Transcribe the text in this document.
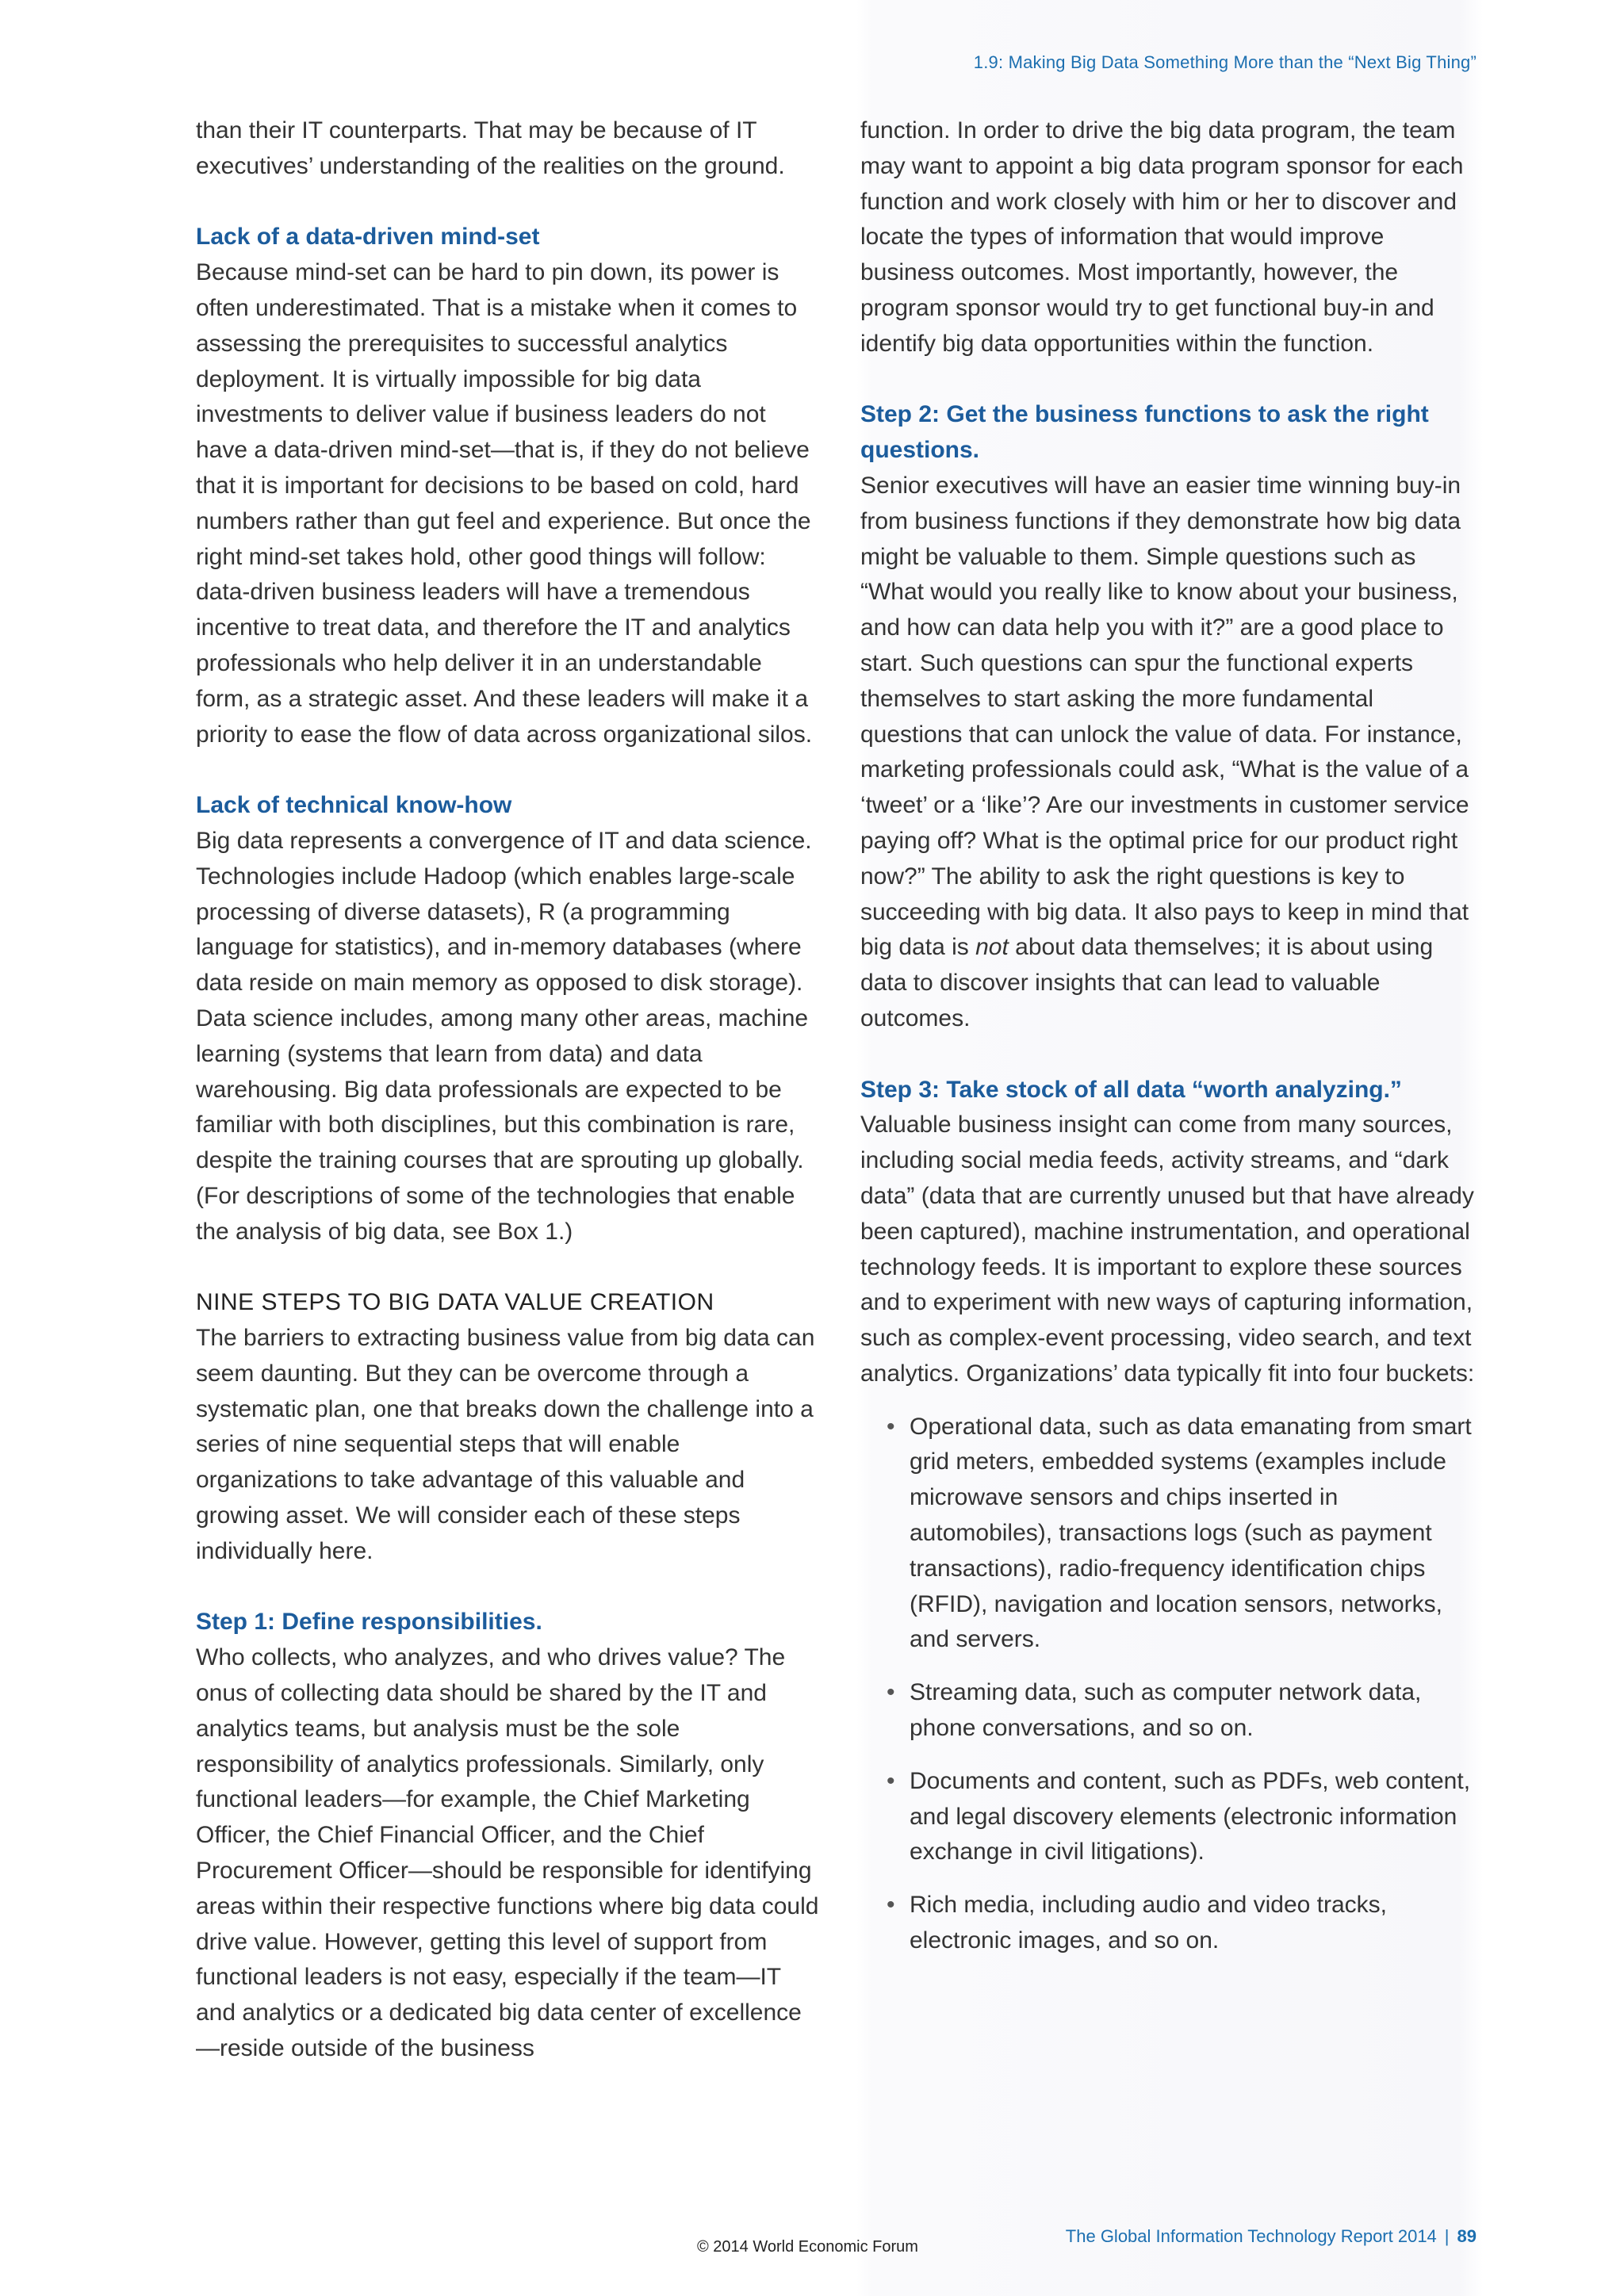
1.9: Making Big Data Something More than the “Next Big Thing”

than their IT counterparts. That may be because of IT executives’ understanding of the realities on the ground.

Lack of a data-driven mind-set

Because mind-set can be hard to pin down, its power is often underestimated. That is a mistake when it comes to assessing the prerequisites to successful analytics deployment. It is virtually impossible for big data investments to deliver value if business leaders do not have a data-driven mind-set—that is, if they do not believe that it is important for decisions to be based on cold, hard numbers rather than gut feel and experience. But once the right mind-set takes hold, other good things will follow: data-driven business leaders will have a tremendous incentive to treat data, and therefore the IT and analytics professionals who help deliver it in an understandable form, as a strategic asset. And these leaders will make it a priority to ease the flow of data across organizational silos.

Lack of technical know-how

Big data represents a convergence of IT and data science. Technologies include Hadoop (which enables large-scale processing of diverse datasets), R (a programming language for statistics), and in-memory databases (where data reside on main memory as opposed to disk storage). Data science includes, among many other areas, machine learning (systems that learn from data) and data warehousing. Big data professionals are expected to be familiar with both disciplines, but this combination is rare, despite the training courses that are sprouting up globally. (For descriptions of some of the technologies that enable the analysis of big data, see Box 1.)

NINE STEPS TO BIG DATA VALUE CREATION

The barriers to extracting business value from big data can seem daunting. But they can be overcome through a systematic plan, one that breaks down the challenge into a series of nine sequential steps that will enable organizations to take advantage of this valuable and growing asset. We will consider each of these steps individually here.

Step 1: Define responsibilities.

Who collects, who analyzes, and who drives value? The onus of collecting data should be shared by the IT and analytics teams, but analysis must be the sole responsibility of analytics professionals. Similarly, only functional leaders—for example, the Chief Marketing Officer, the Chief Financial Officer, and the Chief Procurement Officer—should be responsible for identifying areas within their respective functions where big data could drive value. However, getting this level of support from functional leaders is not easy, especially if the team—IT and analytics or a dedicated big data center of excellence—reside outside of the business

function. In order to drive the big data program, the team may want to appoint a big data program sponsor for each function and work closely with him or her to discover and locate the types of information that would improve business outcomes. Most importantly, however, the program sponsor would try to get functional buy-in and identify big data opportunities within the function.

Step 2: Get the business functions to ask the right questions.

Senior executives will have an easier time winning buy-in from business functions if they demonstrate how big data might be valuable to them. Simple questions such as “What would you really like to know about your business, and how can data help you with it?” are a good place to start. Such questions can spur the functional experts themselves to start asking the more fundamental questions that can unlock the value of data. For instance, marketing professionals could ask, “What is the value of a ‘tweet’ or a ‘like’? Are our investments in customer service paying off? What is the optimal price for our product right now?” The ability to ask the right questions is key to succeeding with big data. It also pays to keep in mind that big data is not about data themselves; it is about using data to discover insights that can lead to valuable outcomes.

Step 3: Take stock of all data “worth analyzing.”

Valuable business insight can come from many sources, including social media feeds, activity streams, and “dark data” (data that are currently unused but that have already been captured), machine instrumentation, and operational technology feeds. It is important to explore these sources and to experiment with new ways of capturing information, such as complex-event processing, video search, and text analytics. Organizations’ data typically fit into four buckets:

• Operational data, such as data emanating from smart grid meters, embedded systems (examples include microwave sensors and chips inserted in automobiles), transactions logs (such as payment transactions), radio-frequency identification chips (RFID), navigation and location sensors, networks, and servers.
• Streaming data, such as computer network data, phone conversations, and so on.
• Documents and content, such as PDFs, web content, and legal discovery elements (electronic information exchange in civil litigations).
• Rich media, including audio and video tracks, electronic images, and so on.
The Global Information Technology Report 2014 | 89
© 2014 World Economic Forum
